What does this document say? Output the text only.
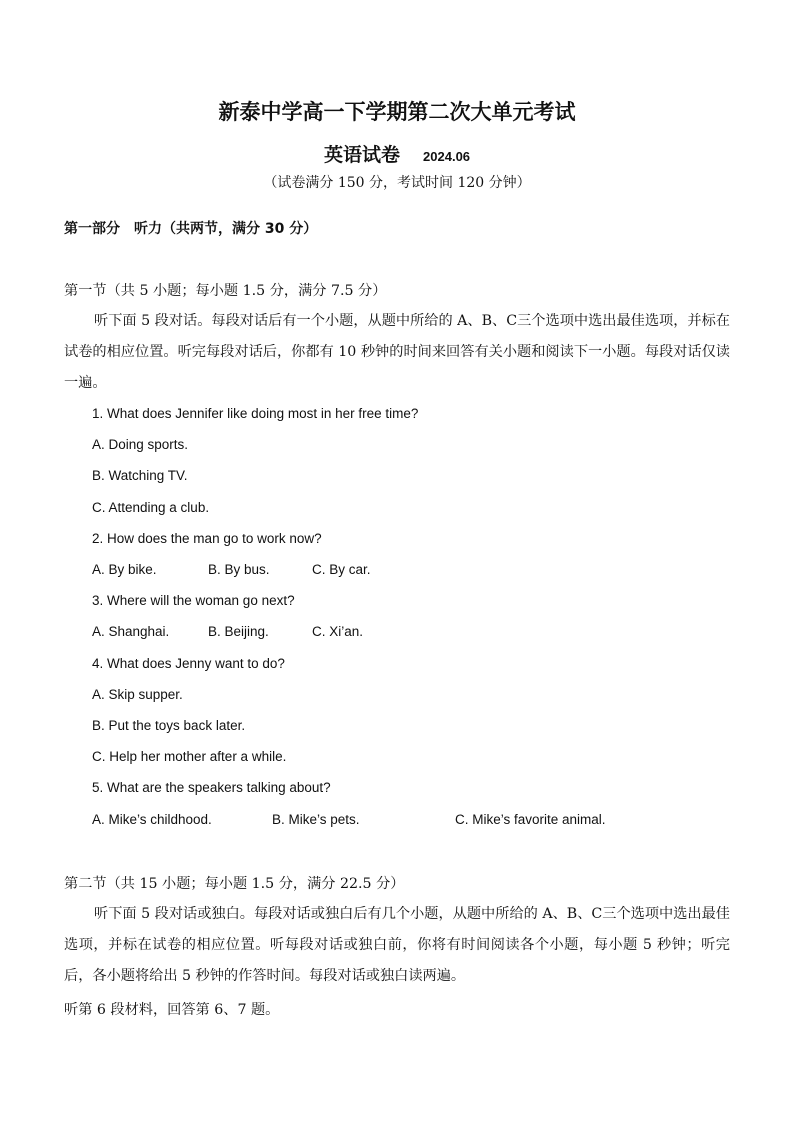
新泰中学高一下学期第二次大单元考试
英语试卷 2024.06
（试卷满分 150 分，考试时间 120 分钟）
第一部分　听力（共两节，满分 30 分）
第一节（共 5 小题；每小题 1.5 分，满分 7.5 分）
听下面 5 段对话。每段对话后有一个小题，从题中所给的 A、B、C三个选项中选出最佳选项，并标在试卷的相应位置。听完每段对话后，你都有 10 秒钟的时间来回答有关小题和阅读下一小题。每段对话仅读一遍。
1. What does Jennifer like doing most in her free time?
A. Doing sports.
B. Watching TV.
C. Attending a club.
2. How does the man go to work now?
A. By bike.	B. By bus.	C. By car.
3. Where will the woman go next?
A. Shanghai.	B. Beijing.	C. Xi’an.
4. What does Jenny want to do?
A. Skip supper.
B. Put the toys back later.
C. Help her mother after a while.
5. What are the speakers talking about?
A. Mike’s childhood.	B. Mike’s pets.	C. Mike’s favorite animal.
第二节（共 15 小题；每小题 1.5 分，满分 22.5 分）
听下面 5 段对话或独白。每段对话或独白后有几个小题，从题中所给的 A、B、C三个选项中选出最佳选项，并标在试卷的相应位置。听每段对话或独白前，你将有时间阅读各个小题，每小题 5 秒钟；听完后，各小题将给出 5 秒钟的作答时间。每段对话或独白读两遍。
听第 6 段材料，回答第 6、7 题。
